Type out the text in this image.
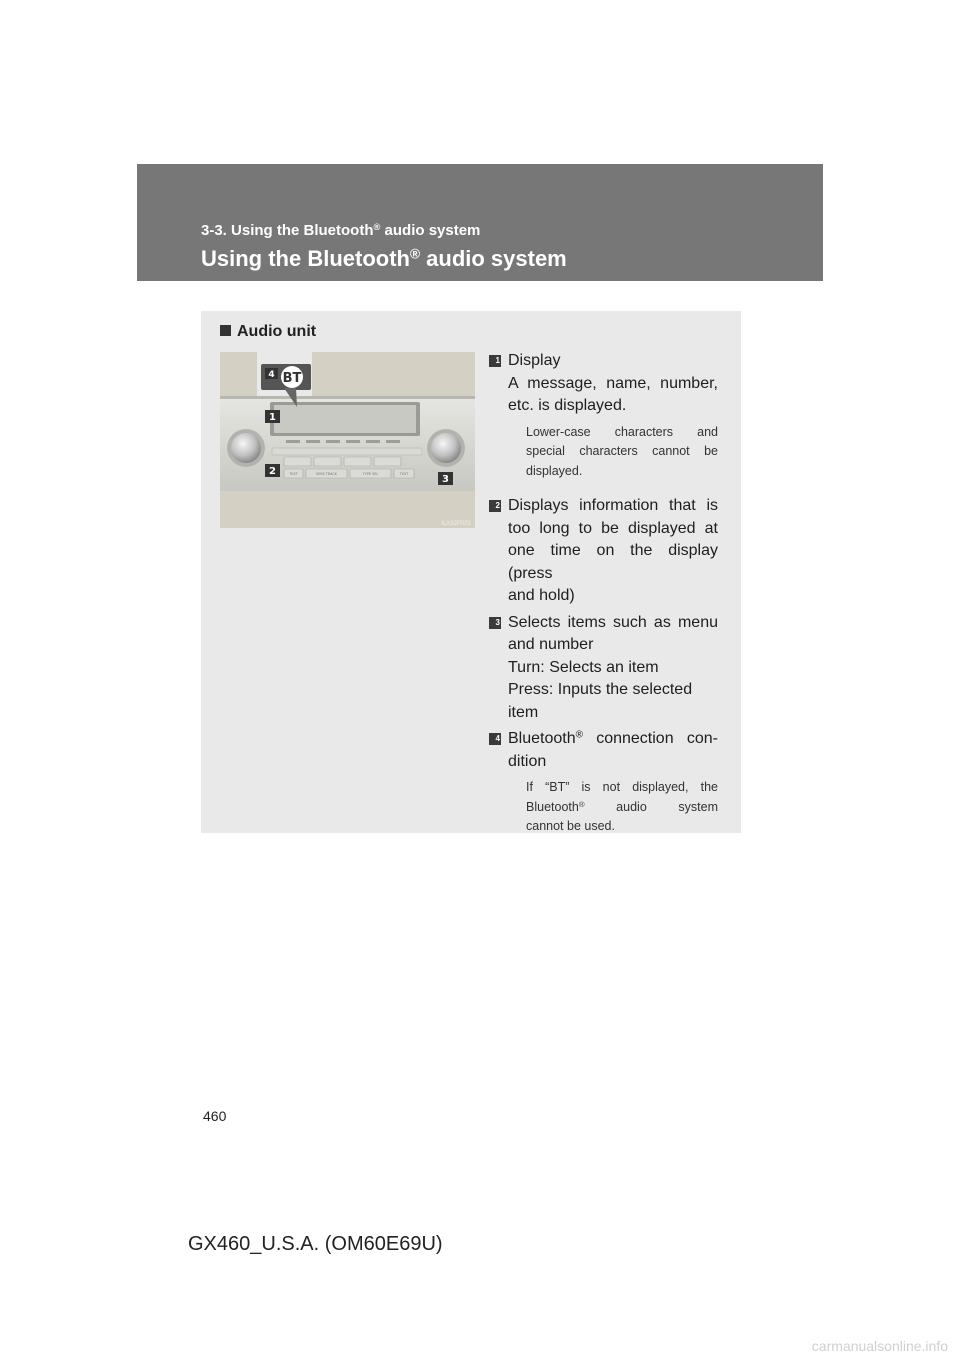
3-3. Using the Bluetooth® audio system
Using the Bluetooth® audio system
Audio unit
TEXT	SEEK TRACK	TYPE SEL	TEXT
4 BT
1
2
3
ILX32P001
1 Display
A message, name, number,
etc. is displayed.
Lower-case characters and
special characters cannot be
displayed.
2 Displays information that is
too long to be displayed at
one time on the display (press
and hold)
3 Selects items such as menu
and number
Turn: Selects an item
Press: Inputs the selected
item
4 Bluetooth® connection con-
dition
If “BT” is not displayed, the
Bluetooth® audio system
cannot be used.
460
GX460_U.S.A. (OM60E69U)
carmanualsonline.info
